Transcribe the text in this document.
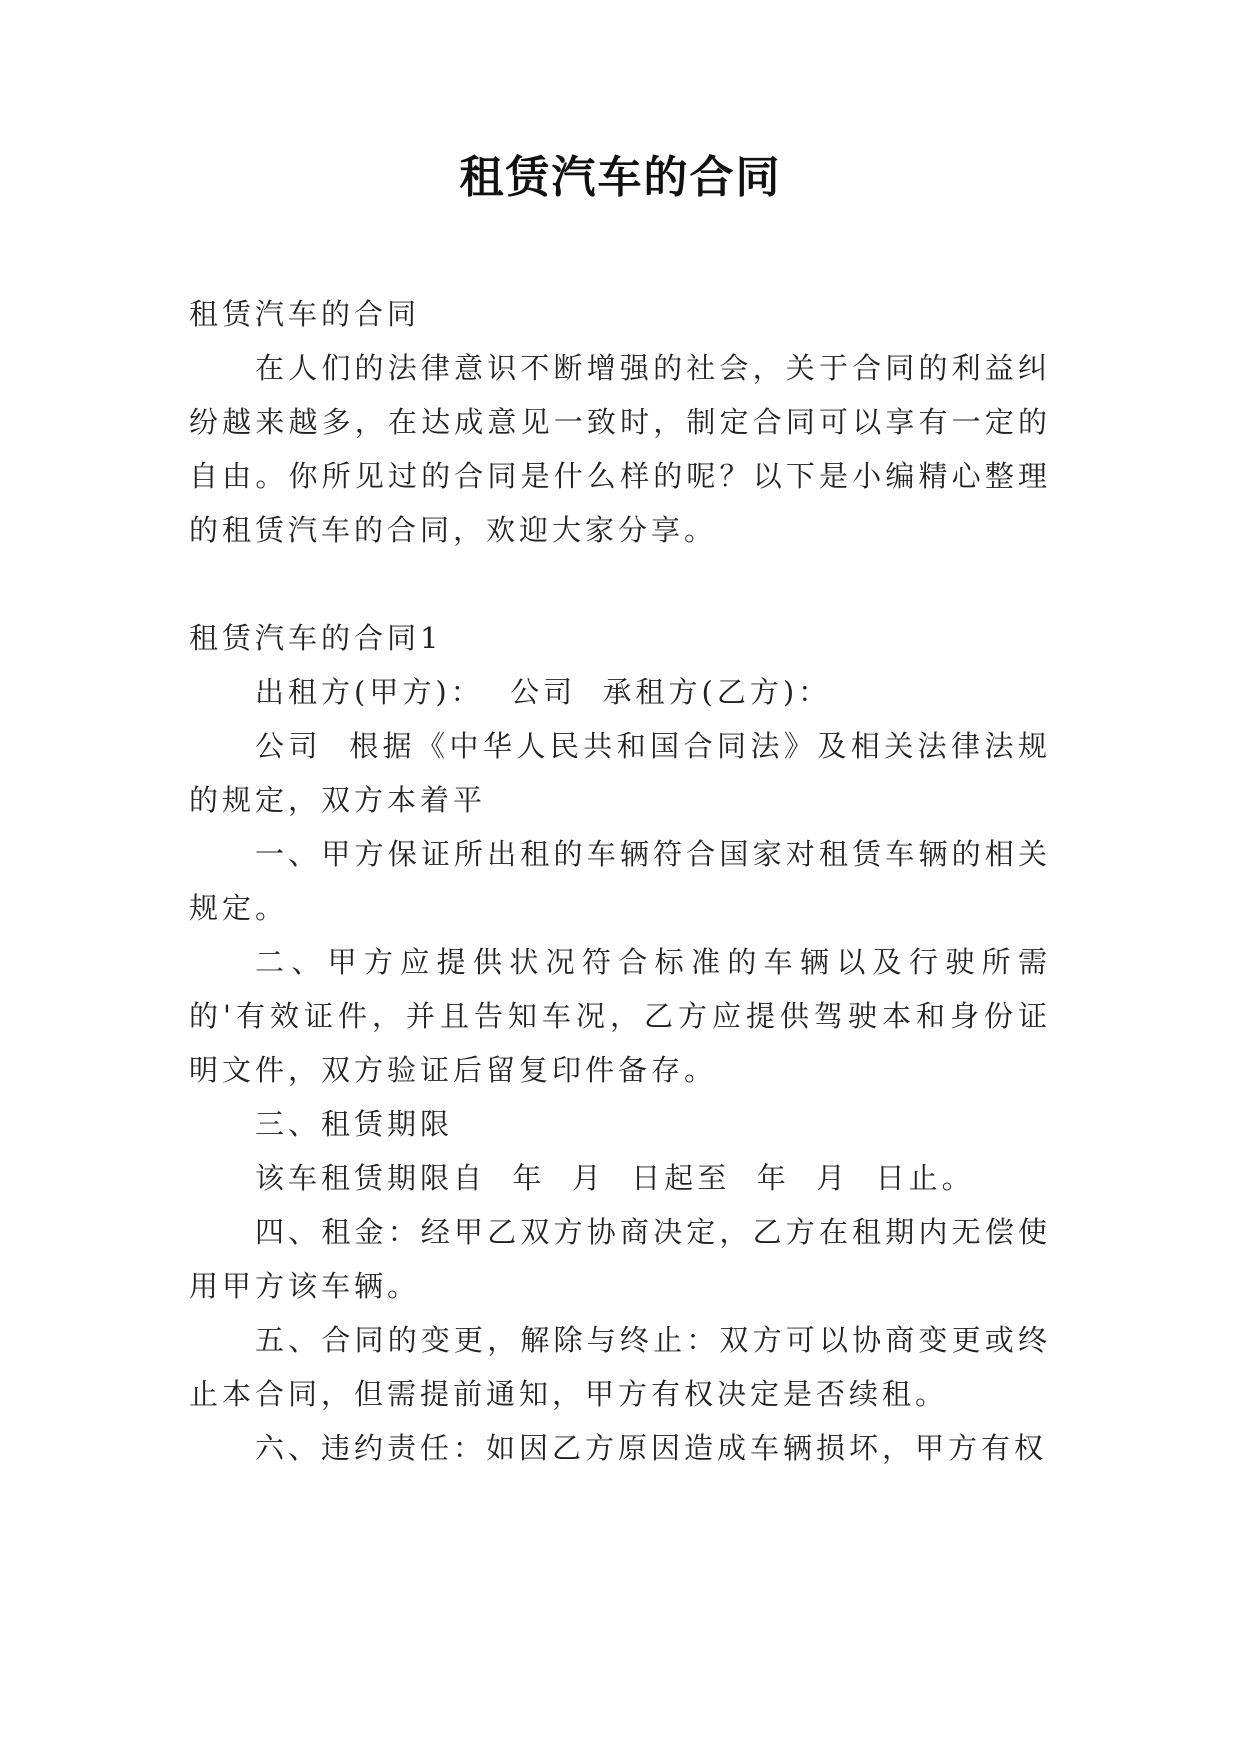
租赁汽车的合同

租赁汽车的合同

在人们的法律意识不断增强的社会，关于合同的利益纠纷越来越多，在达成意见一致时，制定合同可以享有一定的自由。你所见过的合同是什么样的呢？以下是小编精心整理的租赁汽车的合同，欢迎大家分享。

租赁汽车的合同1

出租方(甲方)：  公司  承租方(乙方)：

公司  根据《中华人民共和国合同法》及相关法律法规的规定，双方本着平

一、甲方保证所出租的车辆符合国家对租赁车辆的相关规定。

二、甲方应提供状况符合标准的车辆以及行驶所需的'有效证件，并且告知车况，乙方应提供驾驶本和身份证明文件，双方验证后留复印件备存。

三、租赁期限

该车租赁期限自  年  月  日起至  年  月  日止。

四、租金：经甲乙双方协商决定，乙方在租期内无偿使用甲方该车辆。

五、合同的变更，解除与终止：双方可以协商变更或终止本合同，但需提前通知，甲方有权决定是否续租。

六、违约责任：如因乙方原因造成车辆损坏，甲方有权
